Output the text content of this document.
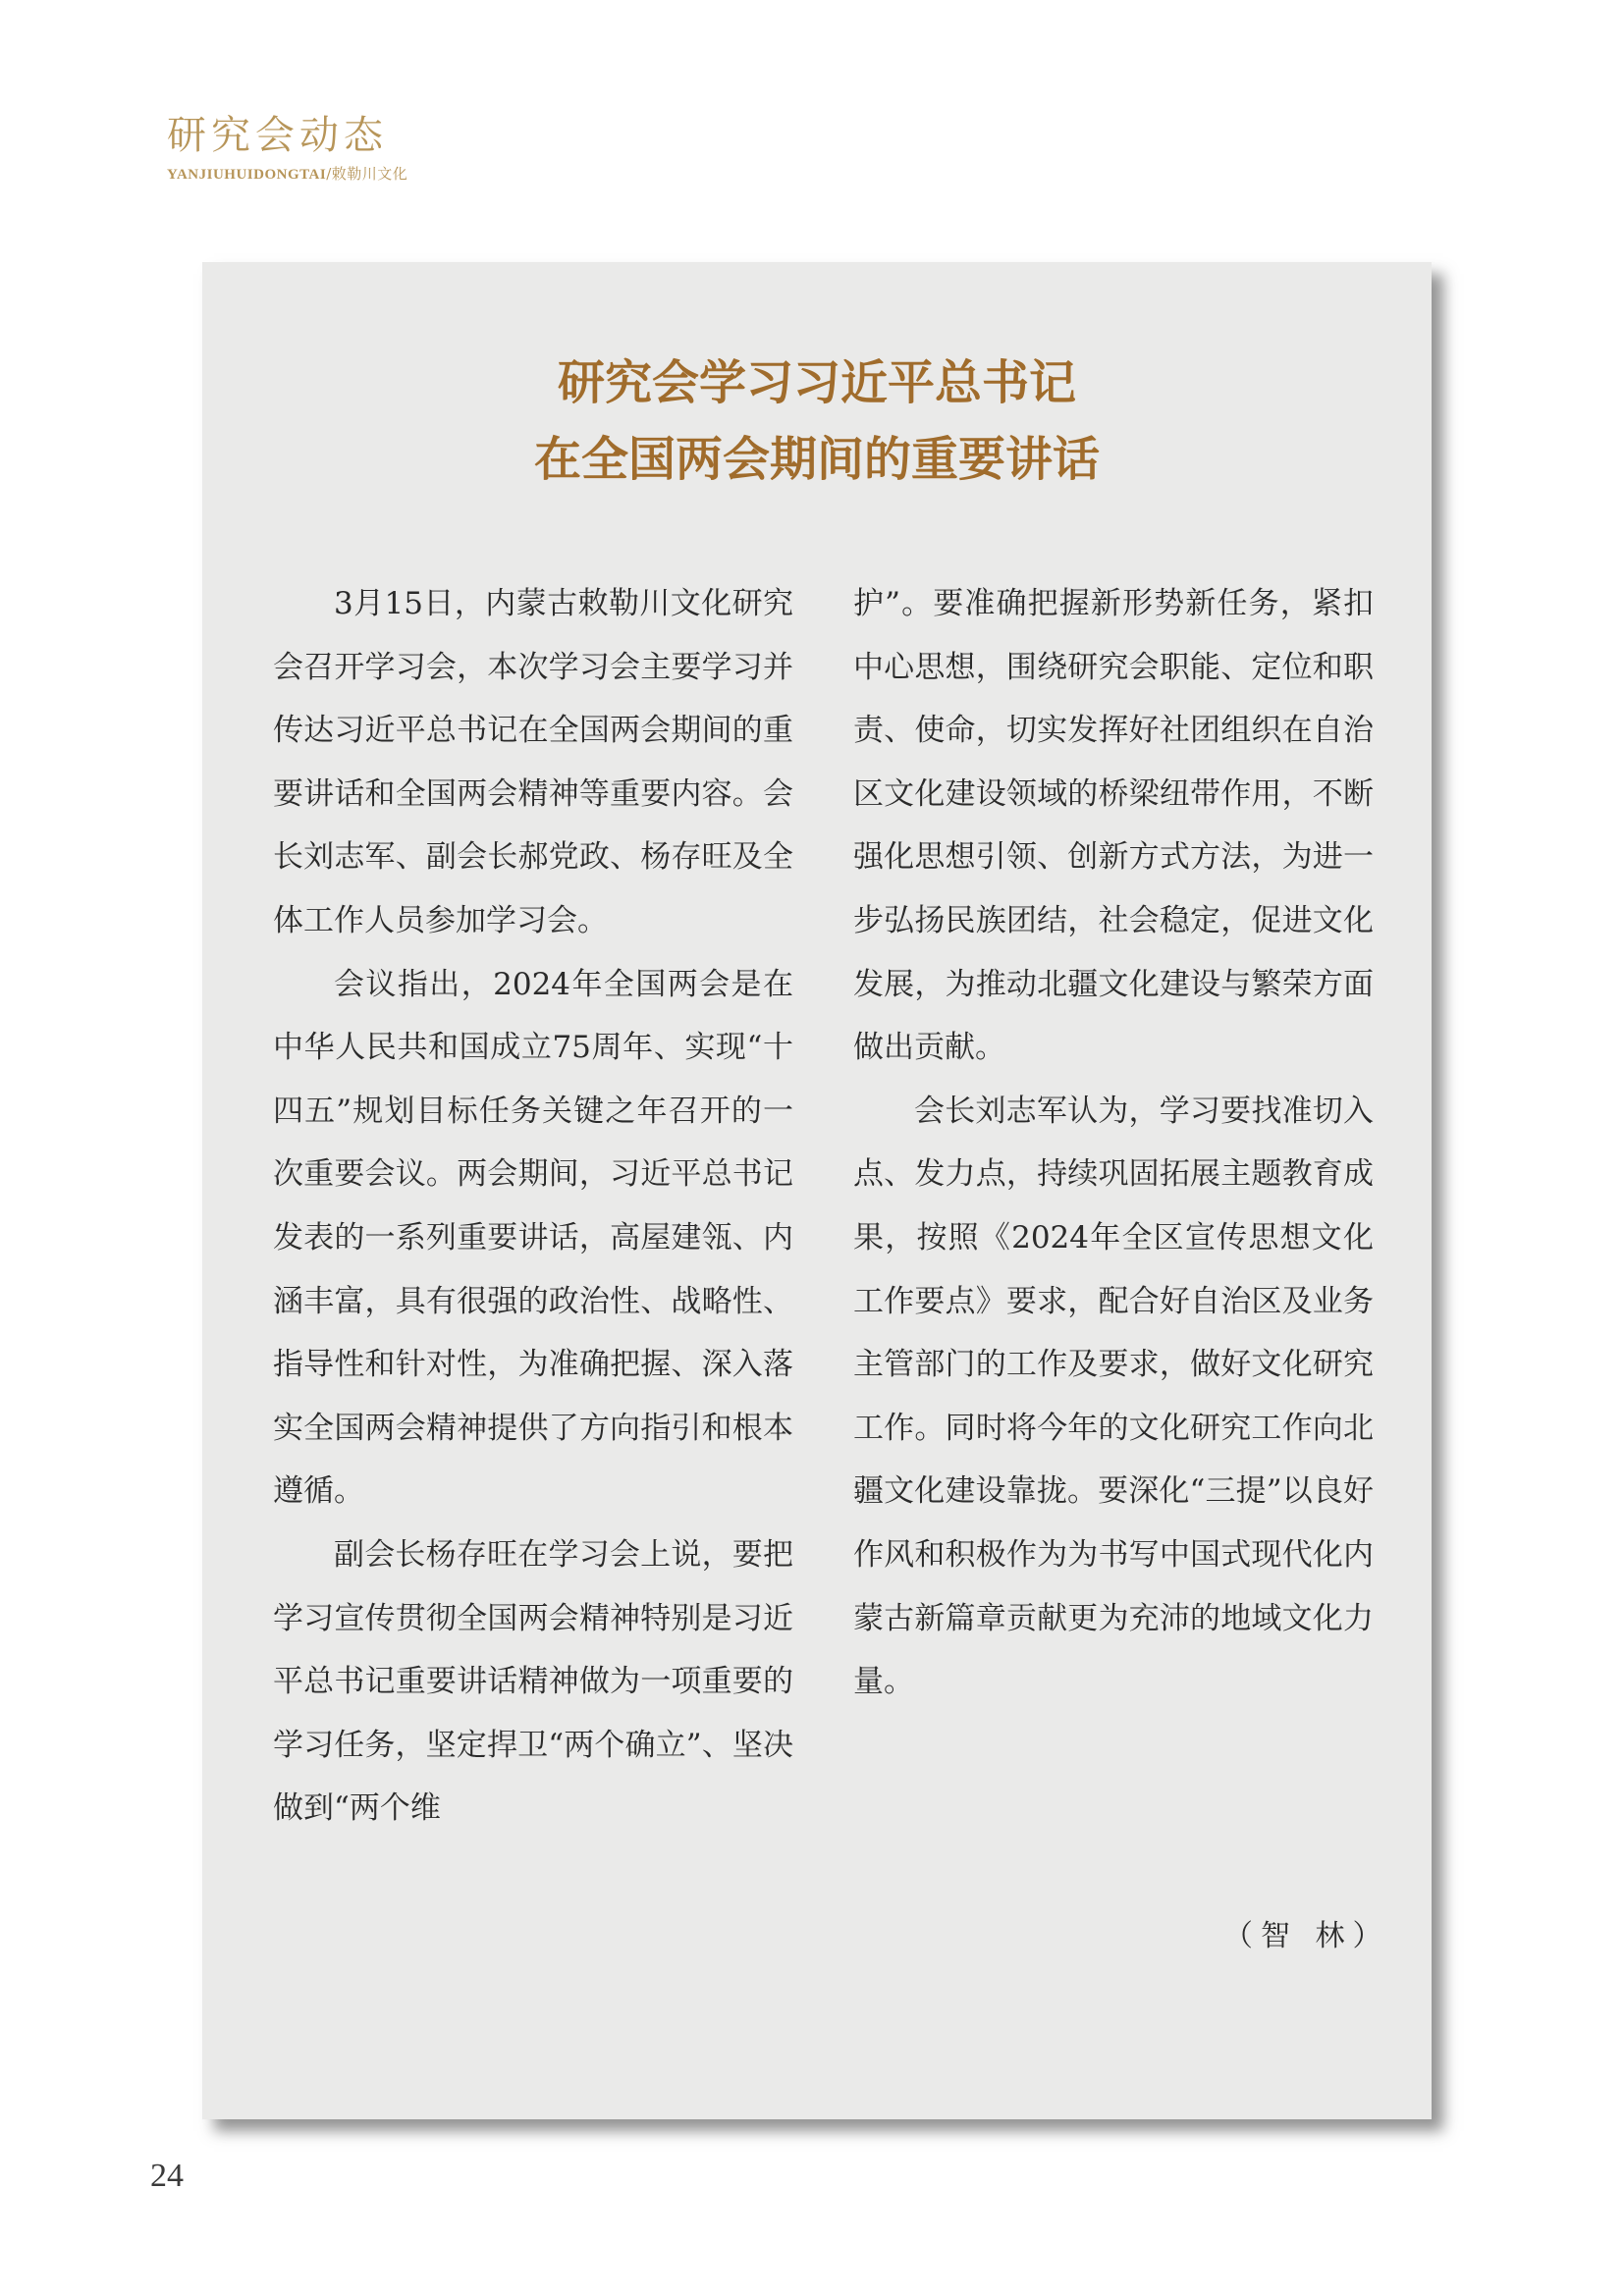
研究会动态
YANJIUHUIDONGTAI/敕勒川文化
研究会学习习近平总书记
在全国两会期间的重要讲话

3月15日，内蒙古敕勒川文化研究会召开学习会，本次学习会主要学习并传达习近平总书记在全国两会期间的重要讲话和全国两会精神等重要内容。会长刘志军、副会长郝党政、杨存旺及全体工作人员参加学习会。

会议指出，2024年全国两会是在中华人民共和国成立75周年、实现“十四五”规划目标任务关键之年召开的一次重要会议。两会期间，习近平总书记发表的一系列重要讲话，高屋建瓴、内涵丰富，具有很强的政治性、战略性、指导性和针对性，为准确把握、深入落实全国两会精神提供了方向指引和根本遵循。

副会长杨存旺在学习会上说，要把学习宣传贯彻全国两会精神特别是习近平总书记重要讲话精神做为一项重要的学习任务，坚定捍卫“两个确立”、坚决做到“两个维

护”。要准确把握新形势新任务，紧扣中心思想，围绕研究会职能、定位和职责、使命，切实发挥好社团组织在自治区文化建设领域的桥梁纽带作用，不断强化思想引领、创新方式方法，为进一步弘扬民族团结，社会稳定，促进文化发展，为推动北疆文化建设与繁荣方面做出贡献。

会长刘志军认为，学习要找准切入点、发力点，持续巩固拓展主题教育成果，按照《2024年全区宣传思想文化工作要点》要求，配合好自治区及业务主管部门的工作及要求，做好文化研究工作。同时将今年的文化研究工作向北疆文化建设靠拢。要深化“三提”以良好作风和积极作为为书写中国式现代化内蒙古新篇章贡献更为充沛的地域文化力量。

（智 林）
24
